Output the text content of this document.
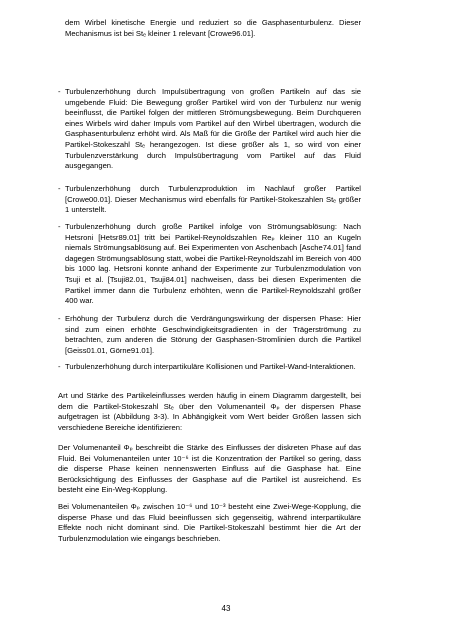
dem Wirbel kinetische Energie und reduziert so die Gasphasenturbulenz. Dieser Mechanismus ist bei Stₑ kleiner 1 relevant [Crowe96.01].
- Turbulenzerhöhung durch Impulsübertragung von großen Partikeln auf das sie umgebende Fluid: Die Bewegung großer Partikel wird von der Turbulenz nur wenig beeinflusst, die Partikel folgen der mittleren Strömungsbewegung. Beim Durchqueren eines Wirbels wird daher Impuls vom Partikel auf den Wirbel übertragen, wodurch die Gasphasenturbulenz erhöht wird. Als Maß für die Größe der Partikel wird auch hier die Partikel-Stokeszahl Stₑ herangezogen. Ist diese größer als 1, so wird von einer Turbulenzverstärkung durch Impulsübertragung vom Partikel auf das Fluid ausgegangen.
- Turbulenzerhöhung durch Turbulenzproduktion im Nachlauf großer Partikel [Crowe00.01]. Dieser Mechanismus wird ebenfalls für Partikel-Stokeszahlen Stₑ größer 1 unterstellt.
- Turbulenzerhöhung durch große Partikel infolge von Strömungsablösung: Nach Hetsroni [Hetsr89.01] tritt bei Partikel-Reynoldszahlen Reₚ kleiner 110 an Kugeln niemals Strömungsablösung auf. Bei Experimenten von Aschenbach [Asche74.01] fand dagegen Strömungsablösung statt, wobei die Partikel-Reynoldszahl im Bereich von 400 bis 1000 lag. Hetsroni konnte anhand der Experimente zur Turbulenzmodulation von Tsuji et al. [Tsuji82.01, Tsuji84.01] nachweisen, dass bei diesen Experimenten die Partikel immer dann die Turbulenz erhöhten, wenn die Partikel-Reynoldszahl größer 400 war.
- Erhöhung der Turbulenz durch die Verdrängungswirkung der dispersen Phase: Hier sind zum einen erhöhte Geschwindigkeitsgradienten in der Trägerströmung zu betrachten, zum anderen die Störung der Gasphasen-Stromlinien durch die Partikel [Geiss01.01, Görne91.01].
- Turbulenzerhöhung durch interpartikuläre Kollisionen und Partikel-Wand-Interaktionen.
Art und Stärke des Partikeleinflusses werden häufig in einem Diagramm dargestellt, bei dem die Partikel-Stokeszahl Stₑ über den Volumenanteil Φₚ der dispersen Phase aufgetragen ist (Abbildung 3-3). In Abhängigkeit vom Wert beider Größen lassen sich verschiedene Bereiche identifizieren:
Der Volumenanteil Φₚ beschreibt die Stärke des Einflusses der diskreten Phase auf das Fluid. Bei Volumenanteilen unter 10⁻⁶ ist die Konzentration der Partikel so gering, dass die disperse Phase keinen nennenswerten Einfluss auf die Gasphase hat. Eine Berücksichtigung des Einflusses der Gasphase auf die Partikel ist ausreichend. Es besteht eine Ein-Weg-Kopplung.
Bei Volumenanteilen Φₚ zwischen 10⁻⁶ und 10⁻³ besteht eine Zwei-Wege-Kopplung, die disperse Phase und das Fluid beeinflussen sich gegenseitig, während interpartikuläre Effekte noch nicht dominant sind. Die Partikel-Stokeszahl bestimmt hier die Art der Turbulenzmodulation wie eingangs beschrieben.
43
